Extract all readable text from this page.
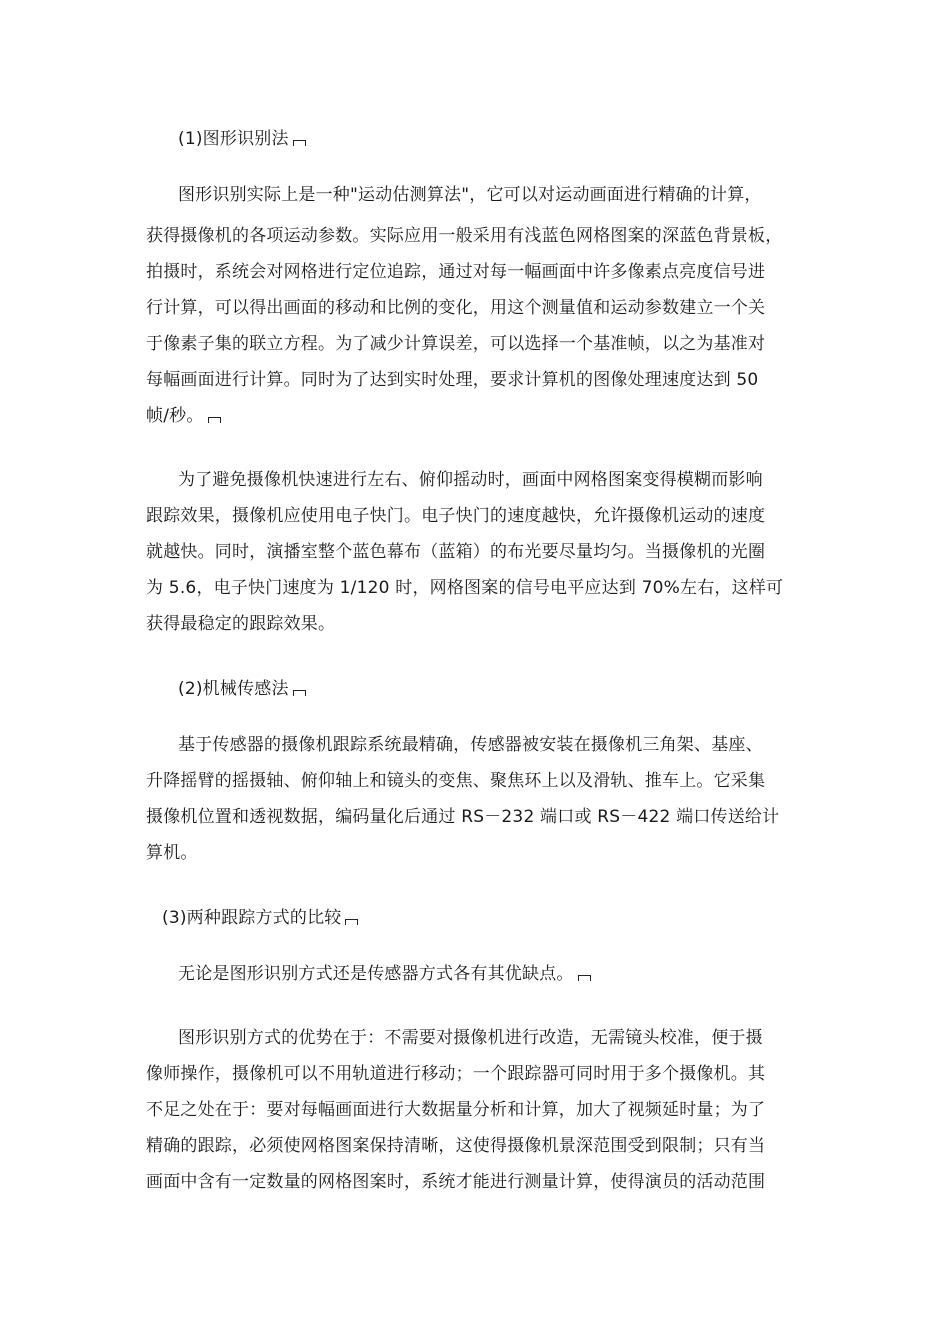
(1)图形识别法
图形识别实际上是一种"运动估测算法"，它可以对运动画面进行精确的计算，
获得摄像机的各项运动参数。实际应用一般采用有浅蓝色网格图案的深蓝色背景板，
拍摄时，系统会对网格进行定位追踪，通过对每一幅画面中许多像素点亮度信号进
行计算，可以得出画面的移动和比例的变化，用这个测量值和运动参数建立一个关
于像素子集的联立方程。为了减少计算误差，可以选择一个基准帧，以之为基准对
每幅画面进行计算。同时为了达到实时处理，要求计算机的图像处理速度达到 50
帧/秒。
为了避免摄像机快速进行左右、俯仰摇动时，画面中网格图案变得模糊而影响
跟踪效果，摄像机应使用电子快门。电子快门的速度越快，允许摄像机运动的速度
就越快。同时，演播室整个蓝色幕布（蓝箱）的布光要尽量均匀。当摄像机的光圈
为 5.6，电子快门速度为 1/120 时，网格图案的信号电平应达到 70%左右，这样可
获得最稳定的跟踪效果。
(2)机械传感法
基于传感器的摄像机跟踪系统最精确，传感器被安装在摄像机三角架、基座、
升降摇臂的摇摄轴、俯仰轴上和镜头的变焦、聚焦环上以及滑轨、推车上。它采集
摄像机位置和透视数据，编码量化后通过 RS－232 端口或 RS－422 端口传送给计
算机。
(3)两种跟踪方式的比较
无论是图形识别方式还是传感器方式各有其优缺点。
图形识别方式的优势在于：不需要对摄像机进行改造，无需镜头校准，便于摄
像师操作，摄像机可以不用轨道进行移动；一个跟踪器可同时用于多个摄像机。其
不足之处在于：要对每幅画面进行大数据量分析和计算，加大了视频延时量；为了
精确的跟踪，必须使网格图案保持清晰，这使得摄像机景深范围受到限制；只有当
画面中含有一定数量的网格图案时，系统才能进行测量计算，使得演员的活动范围
